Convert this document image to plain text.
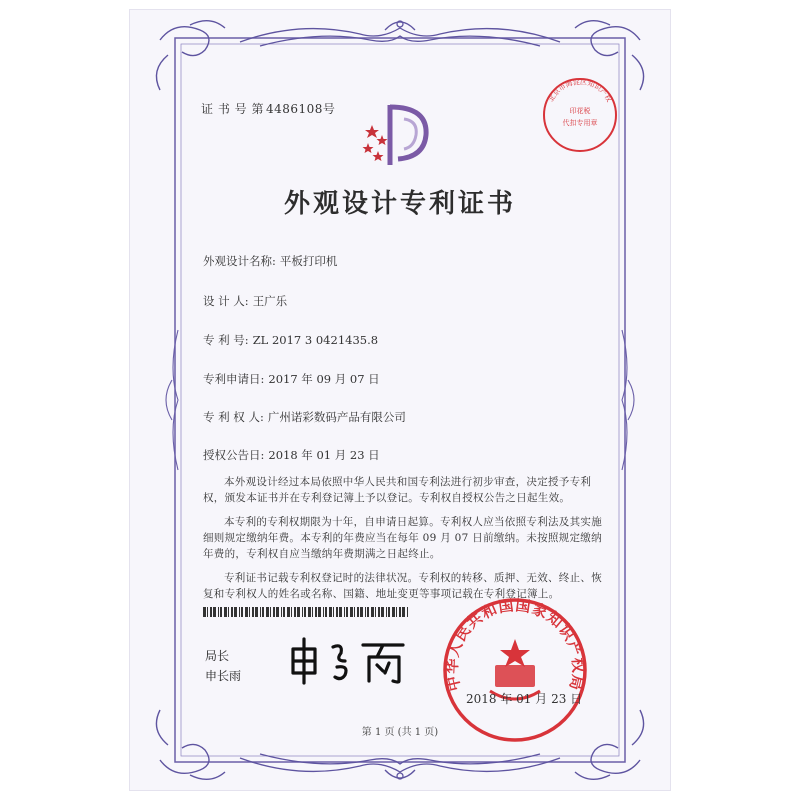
证 书 号 第 4486108号
外观设计专利证书
外观设计名称: 平板打印机
设 计 人: 王广乐
专 利 号: ZL 2017 3 0421435.8
专利申请日: 2017 年 09 月 07 日
专 利 权 人: 广州诺彩数码产品有限公司
授权公告日: 2018 年 01 月 23 日

本外观设计经过本局依照中华人民共和国专利法进行初步审查，决定授予专利权，颁发本证书并在专利登记簿上予以登记。专利权自授权公告之日起生效。

本专利的专利权期限为十年，自申请日起算。专利权人应当依照专利法及其实施细则规定缴纳年费。本专利的年费应当在每年 09 月 07 日前缴纳。未按照规定缴纳年费的，专利权自应当缴纳年费期满之日起终止。

专利证书记载专利权登记时的法律状况。专利权的转移、质押、无效、终止、恢复和专利权人的姓名或名称、国籍、地址变更等事项记载在专利登记簿上。

局长
申长雨	中华人民共和国国家知识产权局
2018 年 01 月 23 日
北京市海淀区知识产权
印花税
代扣专用章
第 1 页 (共 1 页)
